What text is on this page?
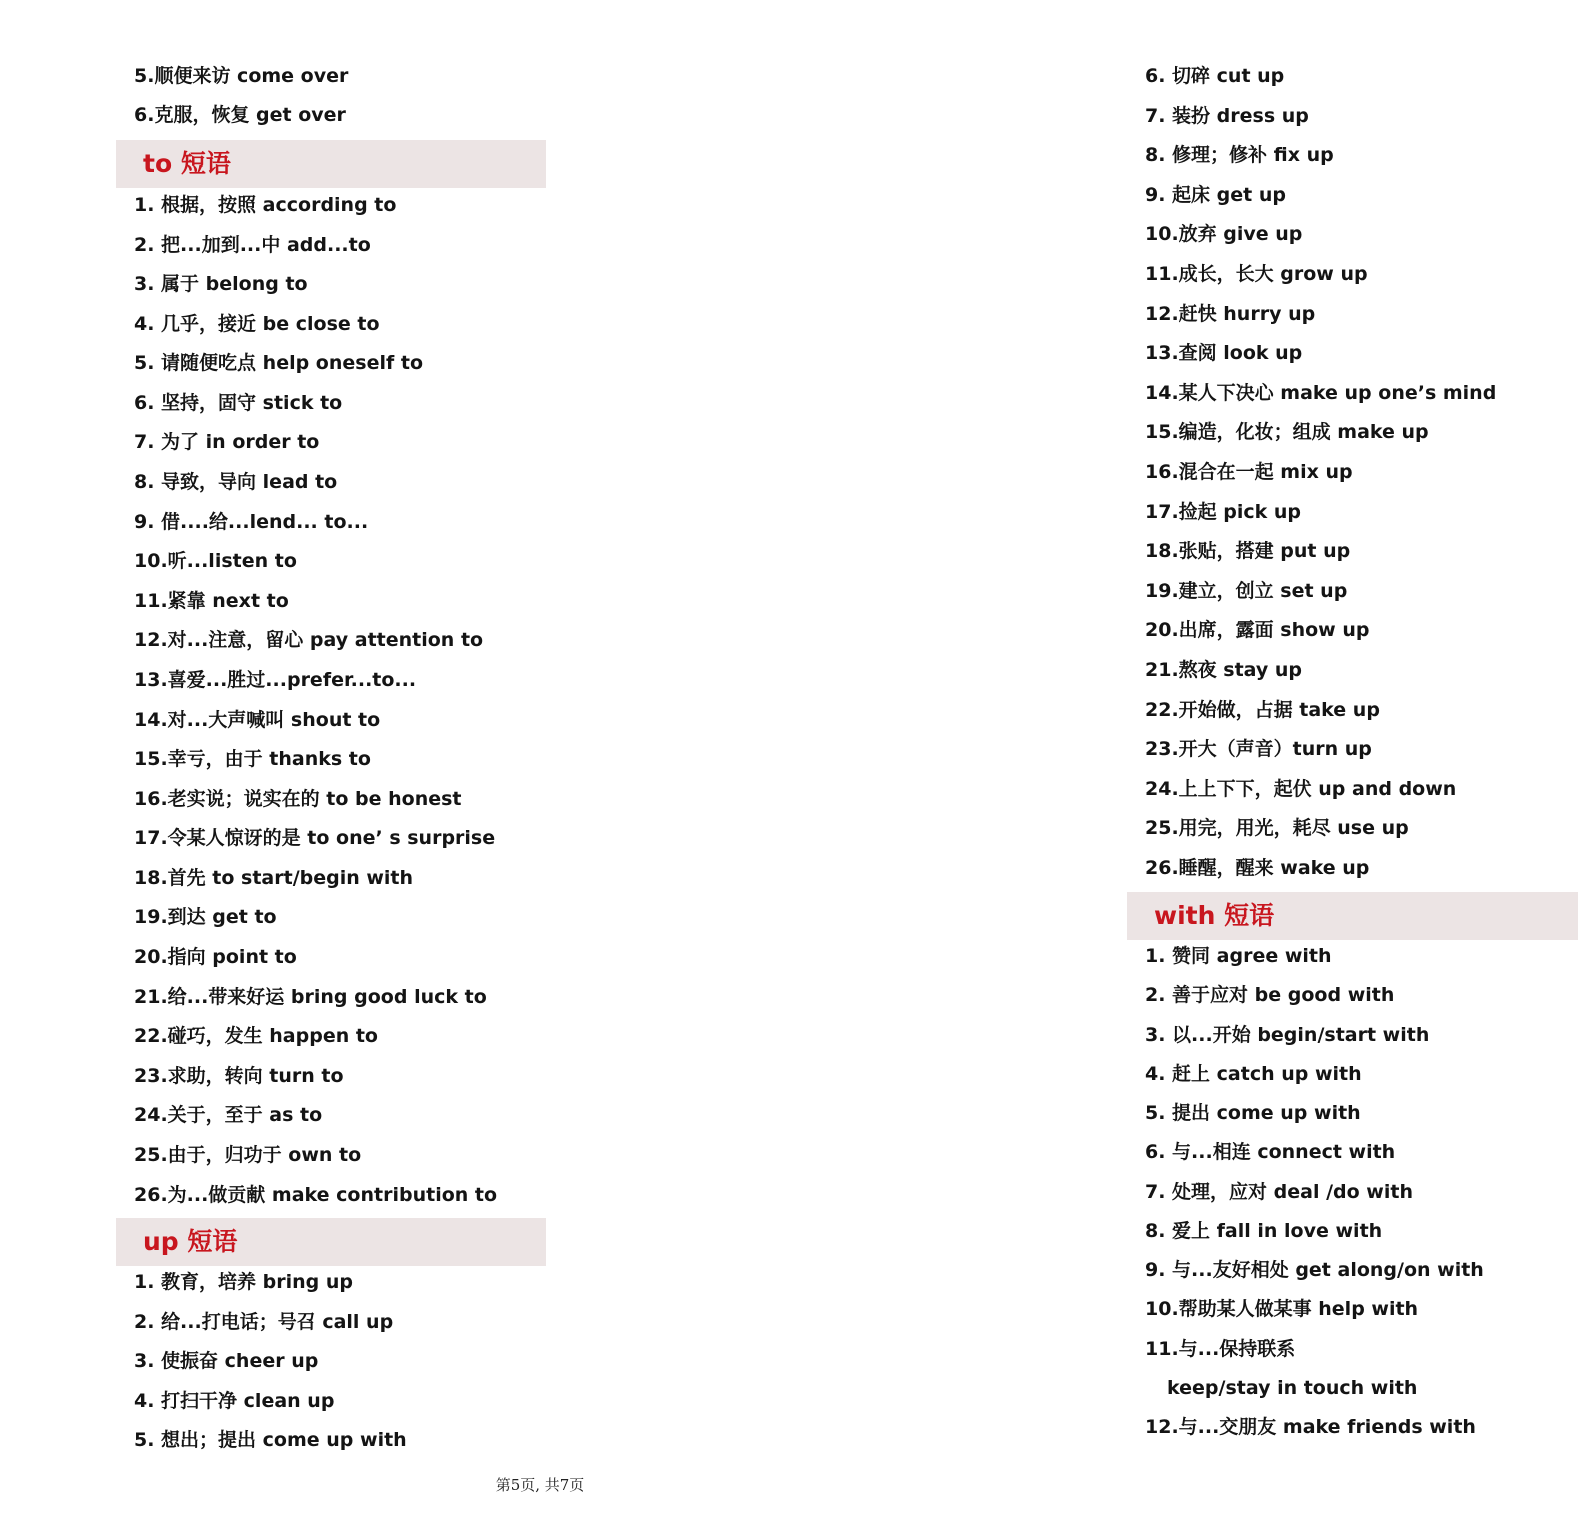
5.顺便来访 come over
6.克服，恢复 get over
to 短语
1. 根据，按照 according to
2. 把...加到...中 add...to
3. 属于 belong to
4. 几乎，接近 be close to
5. 请随便吃点 help oneself to
6. 坚持，固守 stick to
7. 为了 in order to
8. 导致，导向 lead to
9. 借....给...lend... to...
10.听...listen to
11.紧靠 next to
12.对...注意，留心 pay attention to
13.喜爱...胜过...prefer...to...
14.对...大声喊叫 shout to
15.幸亏，由于 thanks to
16.老实说；说实在的 to be honest
17.令某人惊讶的是 to one’ s surprise
18.首先 to start/begin with
19.到达 get to
20.指向 point to
21.给...带来好运 bring good luck to
22.碰巧，发生 happen to
23.求助，转向 turn to
24.关于，至于 as to
25.由于，归功于 own to
26.为...做贡献 make contribution to
up 短语
1. 教育，培养 bring up
2. 给...打电话；号召 call up
3. 使振奋 cheer up
4. 打扫干净 clean up
5. 想出；提出 come up with
6. 切碎 cut up
7. 装扮 dress up
8. 修理；修补 fix up
9. 起床 get up
10.放弃 give up
11.成长，长大 grow up
12.赶快 hurry up
13.查阅 look up
14.某人下决心 make up one’s mind
15.编造，化妆；组成 make up
16.混合在一起 mix up
17.捡起 pick up
18.张贴，搭建 put up
19.建立，创立 set up
20.出席，露面 show up
21.熬夜 stay up
22.开始做，占据 take up
23.开大（声音）turn up
24.上上下下，起伏 up and down
25.用完，用光，耗尽 use up
26.睡醒，醒来 wake up
with 短语
1. 赞同 agree with
2. 善于应对 be good with
3. 以...开始 begin/start with
4. 赶上 catch up with
5. 提出 come up with
6. 与...相连 connect with
7. 处理，应对 deal /do with
8. 爱上 fall in love with
9. 与...友好相处 get along/on with
10.帮助某人做某事 help with
11.与...保持联系
keep/stay in touch with
12.与...交朋友 make friends with
第5页, 共7页
